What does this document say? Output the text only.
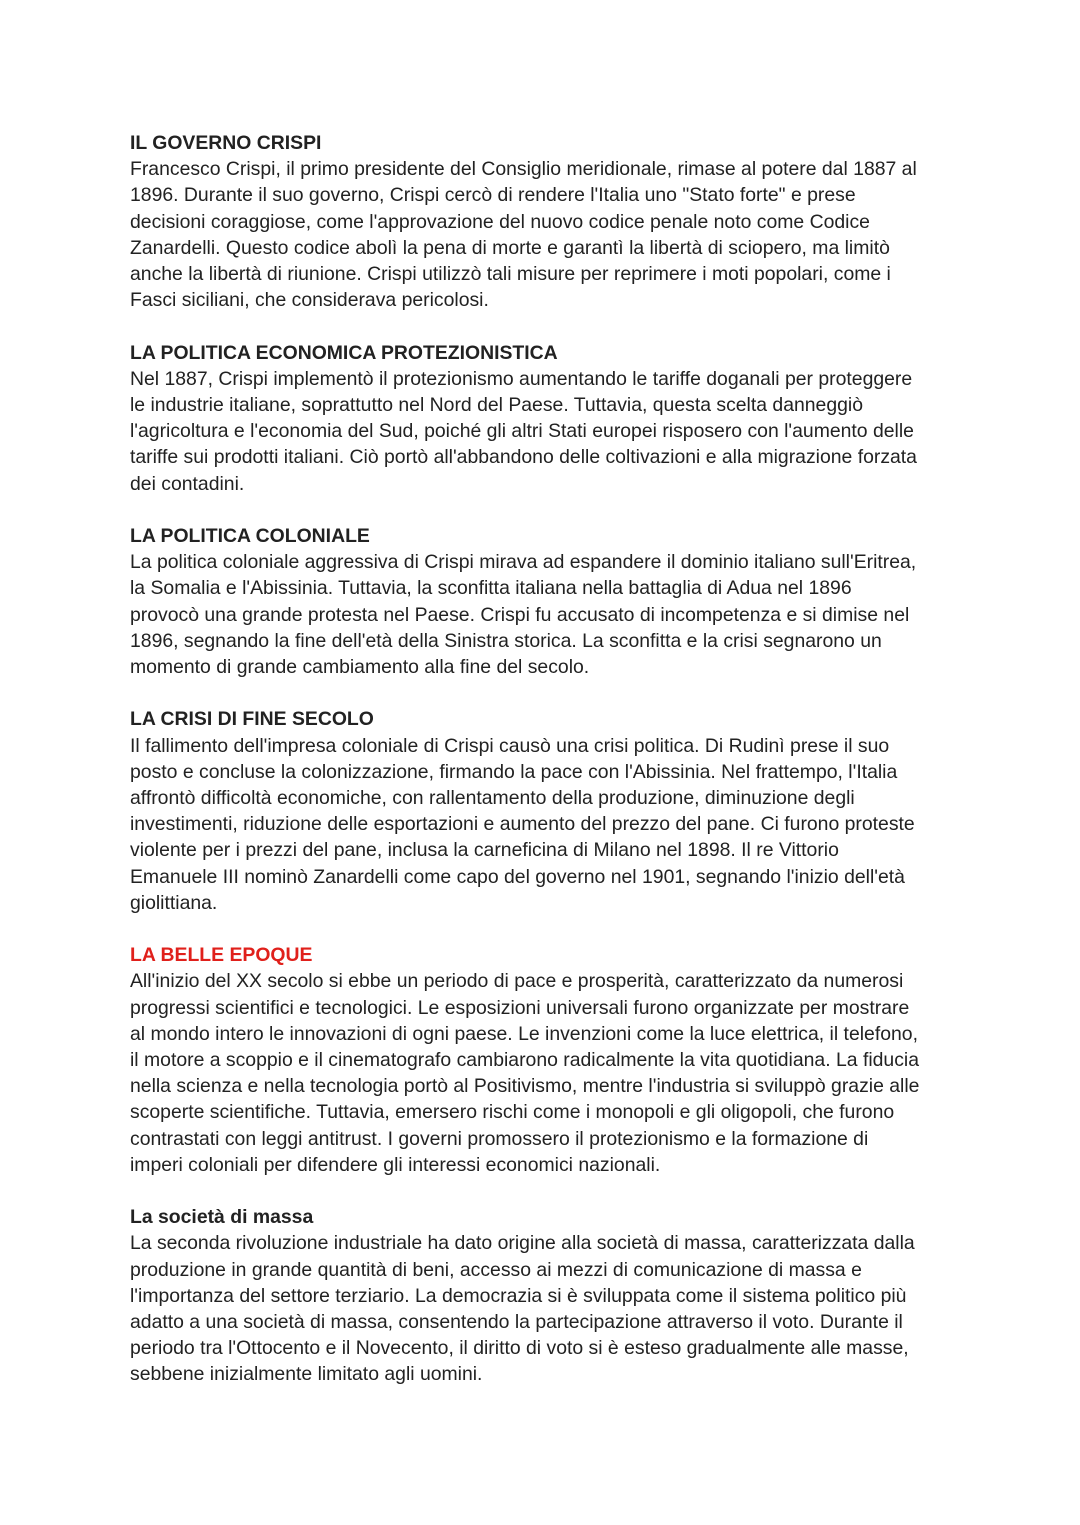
IL GOVERNO CRISPI

Francesco Crispi, il primo presidente del Consiglio meridionale, rimase al potere dal 1887 al
1896. Durante il suo governo, Crispi cercò di rendere l'Italia uno "Stato forte" e prese
decisioni coraggiose, come l'approvazione del nuovo codice penale noto come Codice
Zanardelli. Questo codice abolì la pena di morte e garantì la libertà di sciopero, ma limitò
anche la libertà di riunione. Crispi utilizzò tali misure per reprimere i moti popolari, come i
Fasci siciliani, che considerava pericolosi.

LA POLITICA ECONOMICA PROTEZIONISTICA

Nel 1887, Crispi implementò il protezionismo aumentando le tariffe doganali per proteggere
le industrie italiane, soprattutto nel Nord del Paese. Tuttavia, questa scelta danneggiò
l'agricoltura e l'economia del Sud, poiché gli altri Stati europei risposero con l'aumento delle
tariffe sui prodotti italiani. Ciò portò all'abbandono delle coltivazioni e alla migrazione forzata
dei contadini.

LA POLITICA COLONIALE

La politica coloniale aggressiva di Crispi mirava ad espandere il dominio italiano sull'Eritrea,
la Somalia e l'Abissinia. Tuttavia, la sconfitta italiana nella battaglia di Adua nel 1896
provocò una grande protesta nel Paese. Crispi fu accusato di incompetenza e si dimise nel
1896, segnando la fine dell'età della Sinistra storica. La sconfitta e la crisi segnarono un
momento di grande cambiamento alla fine del secolo.

LA CRISI DI FINE SECOLO

Il fallimento dell'impresa coloniale di Crispi causò una crisi politica. Di Rudinì prese il suo
posto e concluse la colonizzazione, firmando la pace con l'Abissinia. Nel frattempo, l'Italia
affrontò difficoltà economiche, con rallentamento della produzione, diminuzione degli
investimenti, riduzione delle esportazioni e aumento del prezzo del pane. Ci furono proteste
violente per i prezzi del pane, inclusa la carneficina di Milano nel 1898. Il re Vittorio
Emanuele III nominò Zanardelli come capo del governo nel 1901, segnando l'inizio dell'età
giolittiana.

LA BELLE EPOQUE

All'inizio del XX secolo si ebbe un periodo di pace e prosperità, caratterizzato da numerosi
progressi scientifici e tecnologici. Le esposizioni universali furono organizzate per mostrare
al mondo intero le innovazioni di ogni paese. Le invenzioni come la luce elettrica, il telefono,
il motore a scoppio e il cinematografo cambiarono radicalmente la vita quotidiana. La fiducia
nella scienza e nella tecnologia portò al Positivismo, mentre l'industria si sviluppò grazie alle
scoperte scientifiche. Tuttavia, emersero rischi come i monopoli e gli oligopoli, che furono
contrastati con leggi antitrust. I governi promossero il protezionismo e la formazione di
imperi coloniali per difendere gli interessi economici nazionali.

La società di massa

La seconda rivoluzione industriale ha dato origine alla società di massa, caratterizzata dalla
produzione in grande quantità di beni, accesso ai mezzi di comunicazione di massa e
l'importanza del settore terziario. La democrazia si è sviluppata come il sistema politico più
adatto a una società di massa, consentendo la partecipazione attraverso il voto. Durante il
periodo tra l'Ottocento e il Novecento, il diritto di voto si è esteso gradualmente alle masse,
sebbene inizialmente limitato agli uomini.
